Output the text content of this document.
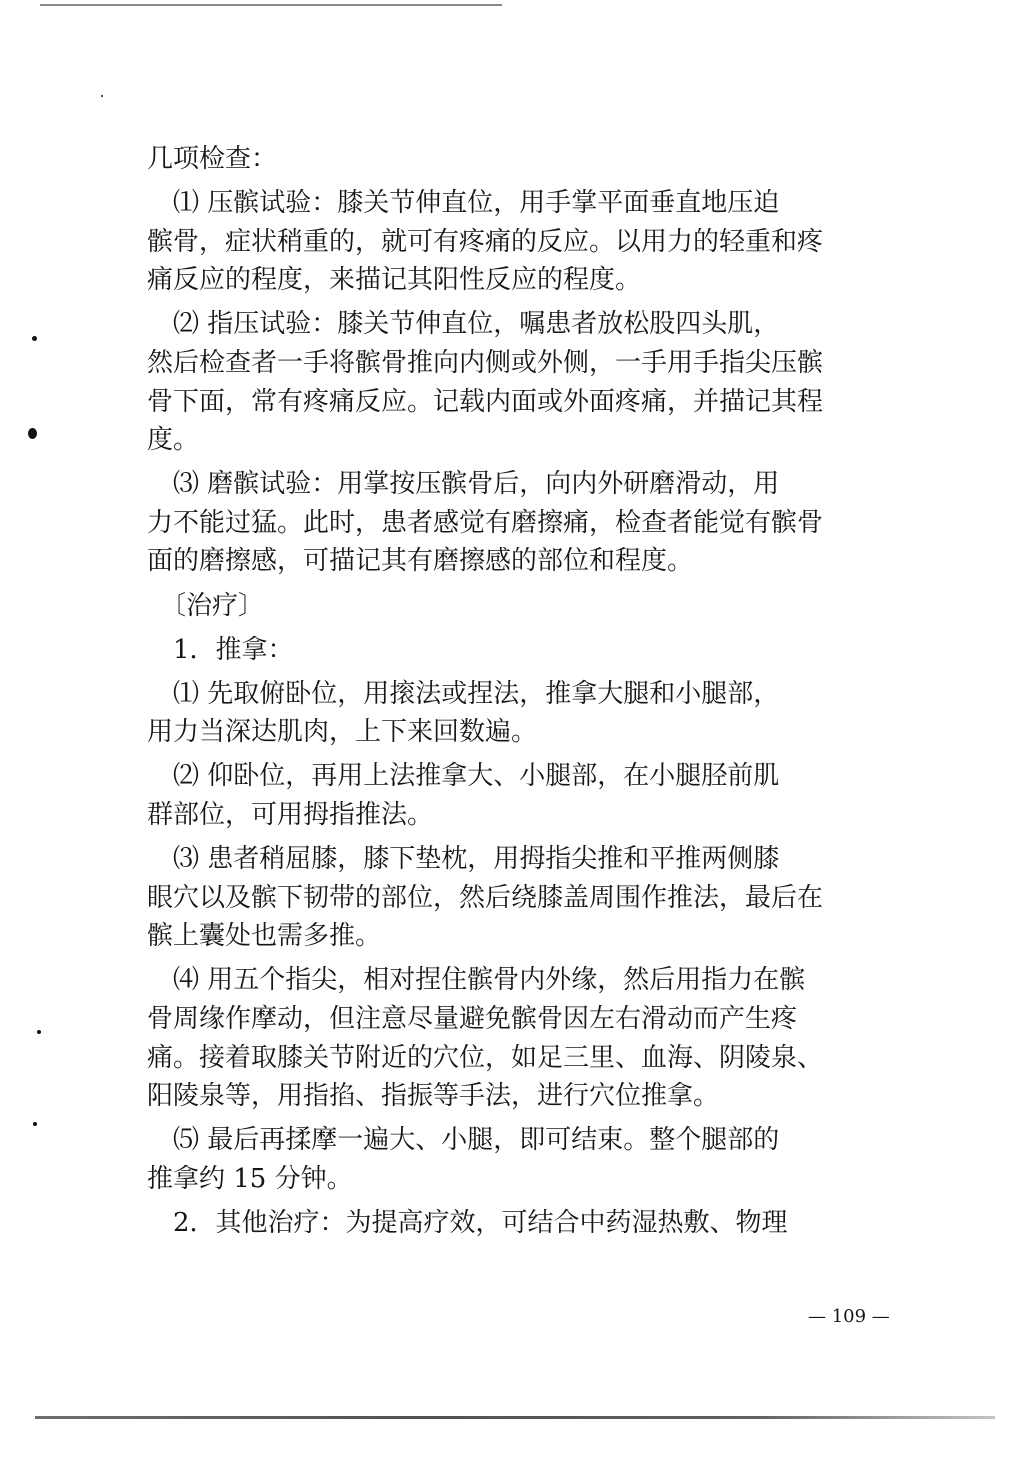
几项检查：
　⑴ 压髌试验：膝关节伸直位，用手掌平面垂直地压迫
髌骨，症状稍重的，就可有疼痛的反应。以用力的轻重和疼
痛反应的程度，来描记其阳性反应的程度。
　⑵ 指压试验：膝关节伸直位，嘱患者放松股四头肌，
然后检查者一手将髌骨推向内侧或外侧，一手用手指尖压髌
骨下面，常有疼痛反应。记载内面或外面疼痛，并描记其程
度。
　⑶ 磨髌试验：用掌按压髌骨后，向内外研磨滑动，用
力不能过猛。此时，患者感觉有磨擦痛，检查者能觉有髌骨
面的磨擦感，可描记其有磨擦感的部位和程度。
　〔治疗〕
　1．推拿：
　⑴ 先取俯卧位，用㨰法或捏法，推拿大腿和小腿部，
用力当深达肌肉，上下来回数遍。
　⑵ 仰卧位，再用上法推拿大、小腿部，在小腿胫前肌
群部位，可用拇指推法。
　⑶ 患者稍屈膝，膝下垫枕，用拇指尖推和平推两侧膝
眼穴以及髌下韧带的部位，然后绕膝盖周围作推法，最后在
髌上囊处也需多推。
　⑷ 用五个指尖，相对捏住髌骨内外缘，然后用指力在髌
骨周缘作摩动，但注意尽量避免髌骨因左右滑动而产生疼
痛。接着取膝关节附近的穴位，如足三里、血海、阴陵泉、
阳陵泉等，用指掐、指振等手法，进行穴位推拿。
　⑸ 最后再揉摩一遍大、小腿，即可结束。整个腿部的
推拿约 15 分钟。
　2．其他治疗：为提高疗效，可结合中药湿热敷、物理
— 109 —
